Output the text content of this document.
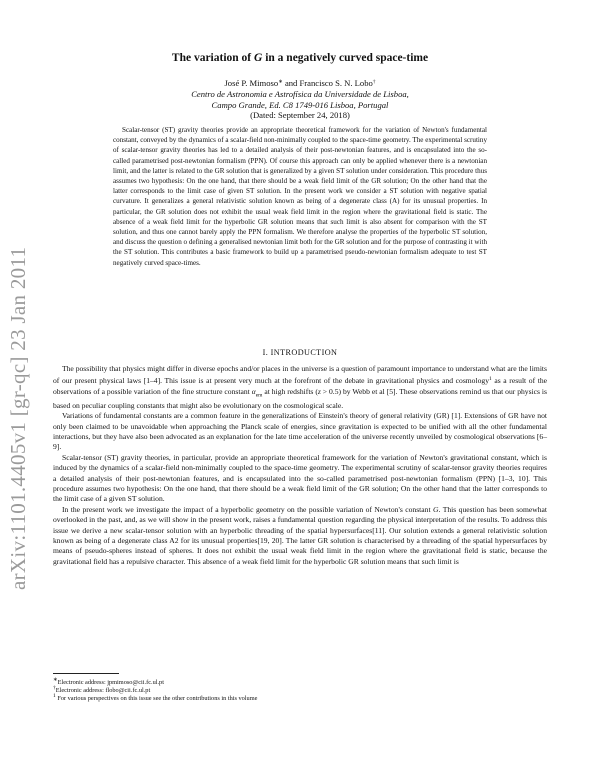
arXiv:1101.4405v1 [gr-qc] 23 Jan 2011
The variation of G in a negatively curved space-time
José P. Mimoso∗ and Francisco S. N. Lobo†
Centro de Astronomia e Astrofísica da Universidade de Lisboa,
Campo Grande, Ed. C8 1749-016 Lisboa, Portugal
(Dated: September 24, 2018)

Scalar-tensor (ST) gravity theories provide an appropriate theoretical framework for the variation of Newton's fundamental constant, conveyed by the dynamics of a scalar-field non-minimally coupled to the space-time geometry. The experimental scrutiny of scalar-tensor gravity theories has led to a detailed analysis of their post-newtonian features, and is encapsulated into the so-called parametrised post-newtonian formalism (PPN). Of course this approach can only be applied whenever there is a newtonian limit, and the latter is related to the GR solution that is generalized by a given ST solution under consideration. This procedure thus assumes two hypothesis: On the one hand, that there should be a weak field limit of the GR solution; On the other hand that the latter corresponds to the limit case of given ST solution. In the present work we consider a ST solution with negative spatial curvature. It generalizes a general relativistic solution known as being of a degenerate class (A) for its unusual properties. In particular, the GR solution does not exhibit the usual weak field limit in the region where the gravitational field is static. The absence of a weak field limit for the hyperbolic GR solution means that such limit is also absent for comparison with the ST solution, and thus one cannot barely apply the PPN formalism. We therefore analyse the properties of the hyperbolic ST solution, and discuss the question o defining a generalised newtonian limit both for the GR solution and for the purpose of contrasting it with the ST solution. This contributes a basic framework to build up a parametrised pseudo-newtonian formalism adequate to test ST negatively curved space-times.

I. INTRODUCTION

The possibility that physics might differ in diverse epochs and/or places in the universe is a question of paramount importance to understand what are the limits of our present physical laws [1–4]. This issue is at present very much at the forefront of the debate in gravitational physics and cosmology$^1$ as a result of the observations of a possible variation of the fine structure constant $\alpha_{em}$ at high redshifts (z > 0.5) by Webb et al [5]. These observations remind us that our physics is based on peculiar coupling constants that might also be evolutionary on the cosmological scale.

Variations of fundamental constants are a common feature in the generalizations of Einstein's theory of general relativity (GR) [1]. Extensions of GR have not only been claimed to be unavoidable when approaching the Planck scale of energies, since gravitation is expected to be unified with all the other fundamental interactions, but they have also been advocated as an explanation for the late time acceleration of the universe recently unveiled by cosmological observations [6–9].

Scalar-tensor (ST) gravity theories, in particular, provide an appropriate theoretical framework for the variation of Newton's gravitational constant, which is induced by the dynamics of a scalar-field non-minimally coupled to the space-time geometry. The experimental scrutiny of scalar-tensor gravity theories requires a detailed analysis of their post-newtonian features, and is encapsulated into the so-called parametrised post-newtonian formalism (PPN) [1–3, 10]. This procedure assumes two hypothesis: On the one hand, that there should be a weak field limit of the GR solution; On the other hand that the latter corresponds to the limit case of a given ST solution.

In the present work we investigate the impact of a hyperbolic geometry on the possible variation of Newton's constant G. This question has been somewhat overlooked in the past, and, as we will show in the present work, raises a fundamental question regarding the physical interpretation of the results. To address this issue we derive a new scalar-tensor solution with an hyperbolic threading of the spatial hypersurfaces[11]. Our solution extends a general relativistic solution known as being of a degenerate class A2 for its unusual properties[19, 20]. The latter GR solution is characterised by a threading of the spatial hypersurfaces by means of pseudo-spheres instead of spheres. It does not exhibit the usual weak field limit in the region where the gravitational field is static, because the gravitational field has a repulsive character. This absence of a weak field limit for the hyperbolic GR solution means that such limit is

∗Electronic address: jpmimoso@cii.fc.ul.pt
†Electronic address: flobo@cii.fc.ul.pt
1 For various perspectives on this issue see the other contributions in this volume
